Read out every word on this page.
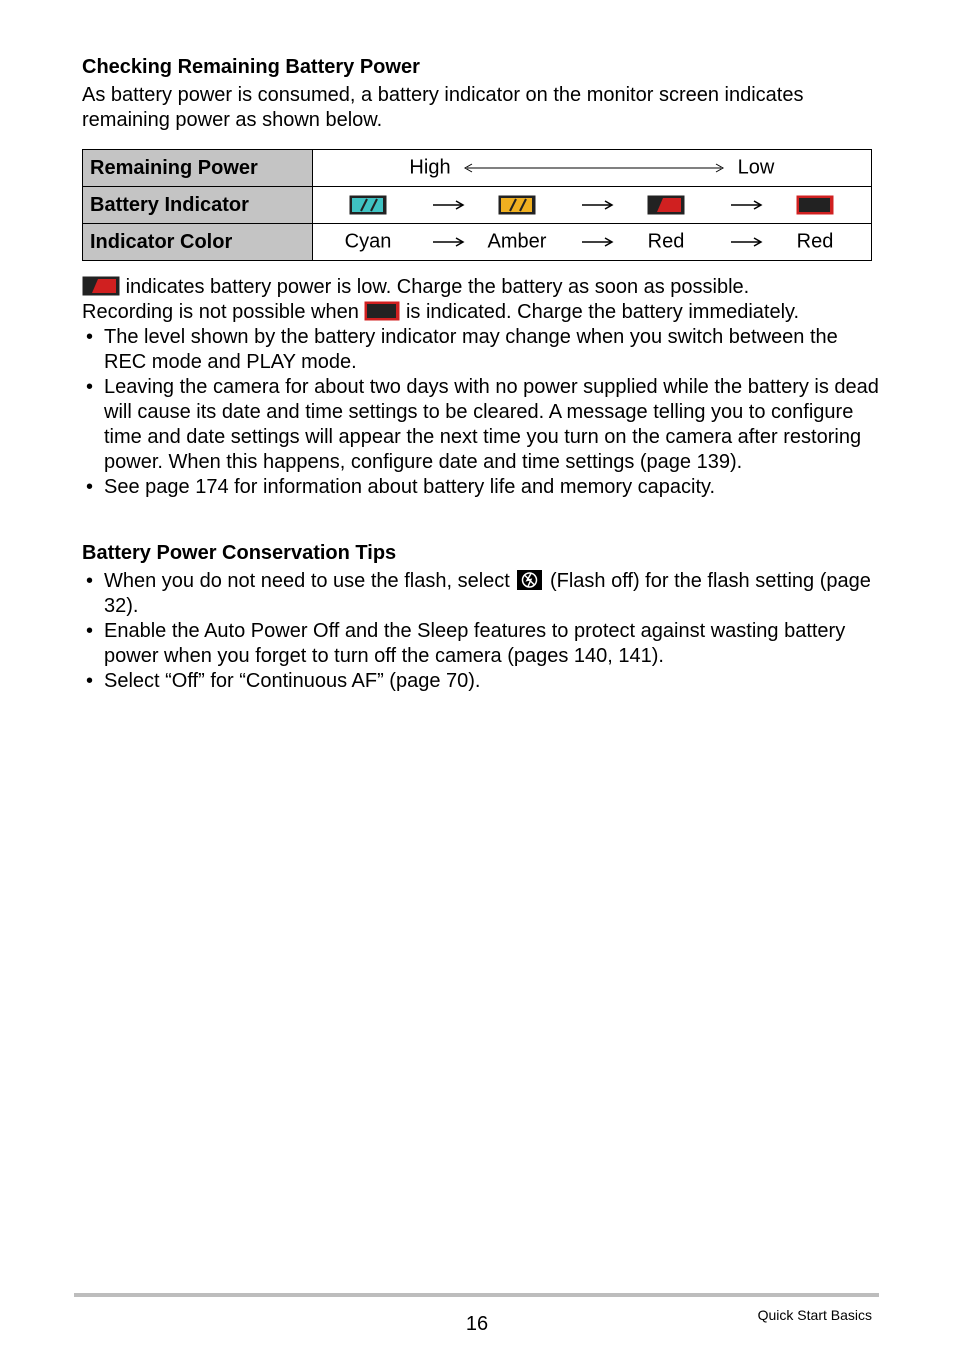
Checking Remaining Battery Power

As battery power is consumed, a battery indicator on the monitor screen indicates remaining power as shown below.

Remaining Power	High Low

Battery Indicator	

Indicator Color	Cyan Amber Red Red
indicates battery power is low. Charge the battery as soon as possible.
Recording is not possible when is indicated. Charge the battery immediately.
• The level shown by the battery indicator may change when you switch between the REC mode and PLAY mode.
• Leaving the camera for about two days with no power supplied while the battery is dead will cause its date and time settings to be cleared. A message telling you to configure time and date settings will appear the next time you turn on the camera after restoring power. When this happens, configure date and time settings (page 139).
• See page 174 for information about battery life and memory capacity.
Battery Power Conservation Tips
• When you do not need to use the flash, select (Flash off) for the flash setting (page 32).
• Enable the Auto Power Off and the Sleep features to protect against wasting battery power when you forget to turn off the camera (pages 140, 141).
• Select “Off” for “Continuous AF” (page 70).
16	Quick Start Basics
